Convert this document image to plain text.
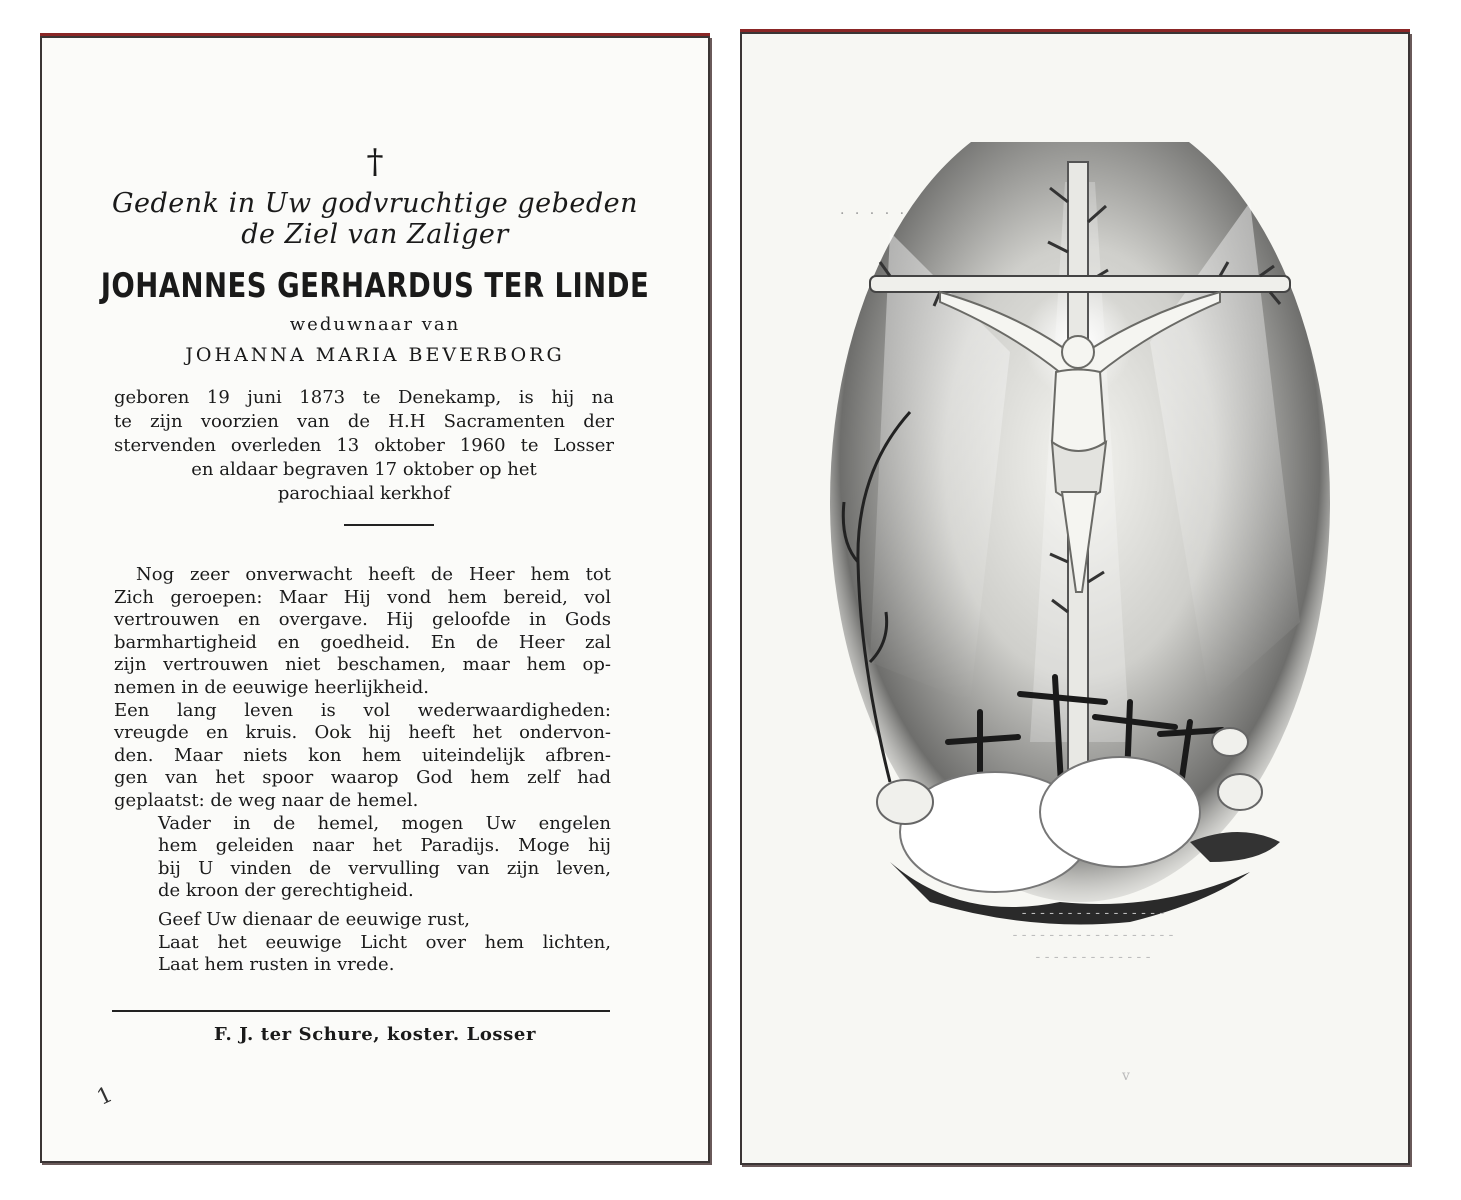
†
Gedenk in Uw godvruchtige gebeden
de Ziel van Zaliger
JOHANNES GERHARDUS TER LINDE
weduwnaar van
JOHANNA MARIA BEVERBORG
geboren 19 juni 1873 te Denekamp, is hij na
te zijn voorzien van de H.H Sacramenten der
stervenden overleden 13 oktober 1960 te Losser
en aldaar begraven 17 oktober op het
parochiaal kerkhof
Nog zeer onverwacht heeft de Heer hem tot
Zich geroepen: Maar Hij vond hem bereid, vol
vertrouwen en overgave. Hij geloofde in Gods
barmhartigheid en goedheid. En de Heer zal
zijn vertrouwen niet beschamen, maar hem op-
nemen in de eeuwige heerlijkheid.
Een lang leven is vol wederwaardigheden:
vreugde en kruis. Ook hij heeft het ondervon-
den. Maar niets kon hem uiteindelijk afbren-
gen van het spoor waarop God hem zelf had
geplaatst: de weg naar de hemel.
Vader in de hemel, mogen Uw engelen
hem geleiden naar het Paradijs. Moge hij
bij U vinden de vervulling van zijn leven,
de kroon der gerechtigheid.
Geef Uw dienaar de eeuwige rust,
Laat het eeuwige Licht over hem lichten,
Laat hem rusten in vrede.
F. J. ter Schure, koster. Losser
1
· · · · ·
- - - - - - - - - - - - - - - -
- - - - - - - - - - - - - - - - - -
- - - - - - - - - - - - -
v
